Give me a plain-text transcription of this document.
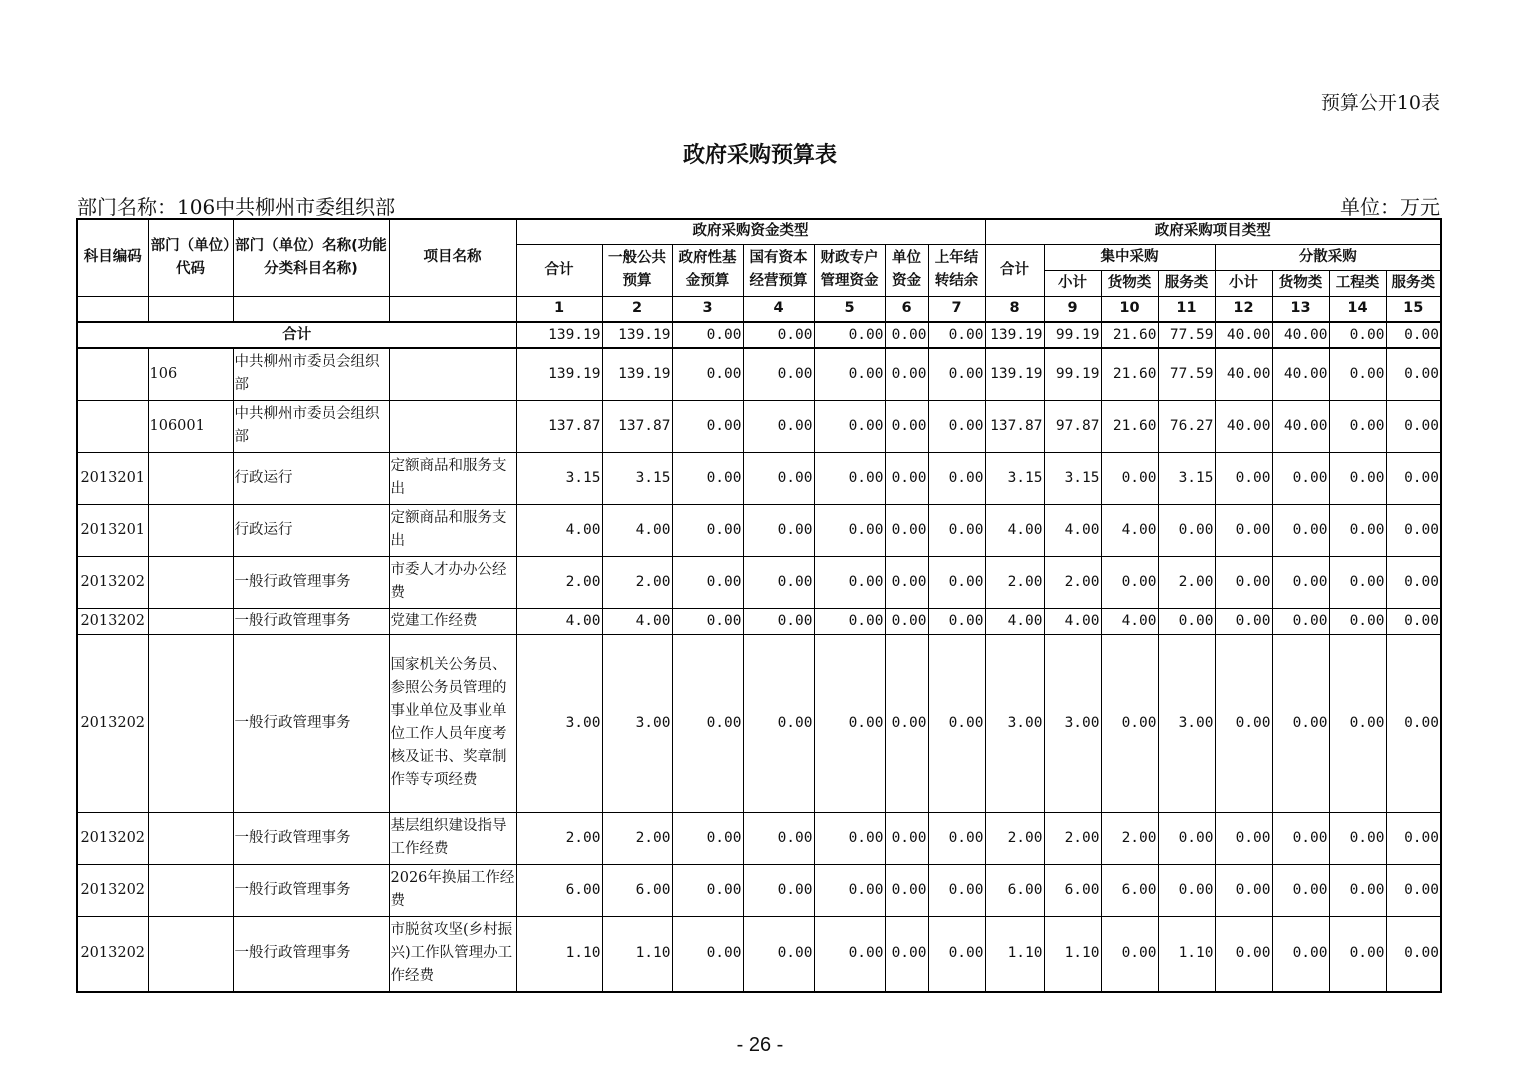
预算公开10表
政府采购预算表
部门名称：106中共柳州市委组织部	单位：万元
科目编码	部门（单位）代码	部门（单位）名称(功能分类科目名称)	项目名称	政府采购资金类型							政府采购项目类型							
				合计	一般公共预算	政府性基金预算	国有资本经营预算	财政专户管理资金	单位资金	上年结转结余	合计	集中采购			分散采购			
												小计	货物类	服务类	小计	货物类	工程类	服务类
				1	2	3	4	5	6	7	8	9	10	11	12	13	14	15
合计				139.19	139.19	0.00	0.00	0.00	0.00	0.00	139.19	99.19	21.60	77.59	40.00	40.00	0.00	0.00
	106	中共柳州市委员会组织部		139.19	139.19	0.00	0.00	0.00	0.00	0.00	139.19	99.19	21.60	77.59	40.00	40.00	0.00	0.00
	106001	中共柳州市委员会组织部		137.87	137.87	0.00	0.00	0.00	0.00	0.00	137.87	97.87	21.60	76.27	40.00	40.00	0.00	0.00
2013201		行政运行	定额商品和服务支出	3.15	3.15	0.00	0.00	0.00	0.00	0.00	3.15	3.15	0.00	3.15	0.00	0.00	0.00	0.00
2013201		行政运行	定额商品和服务支出	4.00	4.00	0.00	0.00	0.00	0.00	0.00	4.00	4.00	4.00	0.00	0.00	0.00	0.00	0.00
2013202		一般行政管理事务	市委人才办办公经费	2.00	2.00	0.00	0.00	0.00	0.00	0.00	2.00	2.00	0.00	2.00	0.00	0.00	0.00	0.00
2013202		一般行政管理事务	党建工作经费	4.00	4.00	0.00	0.00	0.00	0.00	0.00	4.00	4.00	4.00	0.00	0.00	0.00	0.00	0.00
2013202		一般行政管理事务	国家机关公务员、参照公务员管理的事业单位及事业单位工作人员年度考核及证书、奖章制作等专项经费	3.00	3.00	0.00	0.00	0.00	0.00	0.00	3.00	3.00	0.00	3.00	0.00	0.00	0.00	0.00
2013202		一般行政管理事务	基层组织建设指导工作经费	2.00	2.00	0.00	0.00	0.00	0.00	0.00	2.00	2.00	2.00	0.00	0.00	0.00	0.00	0.00
2013202		一般行政管理事务	2026年换届工作经费	6.00	6.00	0.00	0.00	0.00	0.00	0.00	6.00	6.00	6.00	0.00	0.00	0.00	0.00	0.00
2013202		一般行政管理事务	市脱贫攻坚(乡村振兴)工作队管理办工作经费	1.10	1.10	0.00	0.00	0.00	0.00	0.00	1.10	1.10	0.00	1.10	0.00	0.00	0.00	0.00
- 26 -
